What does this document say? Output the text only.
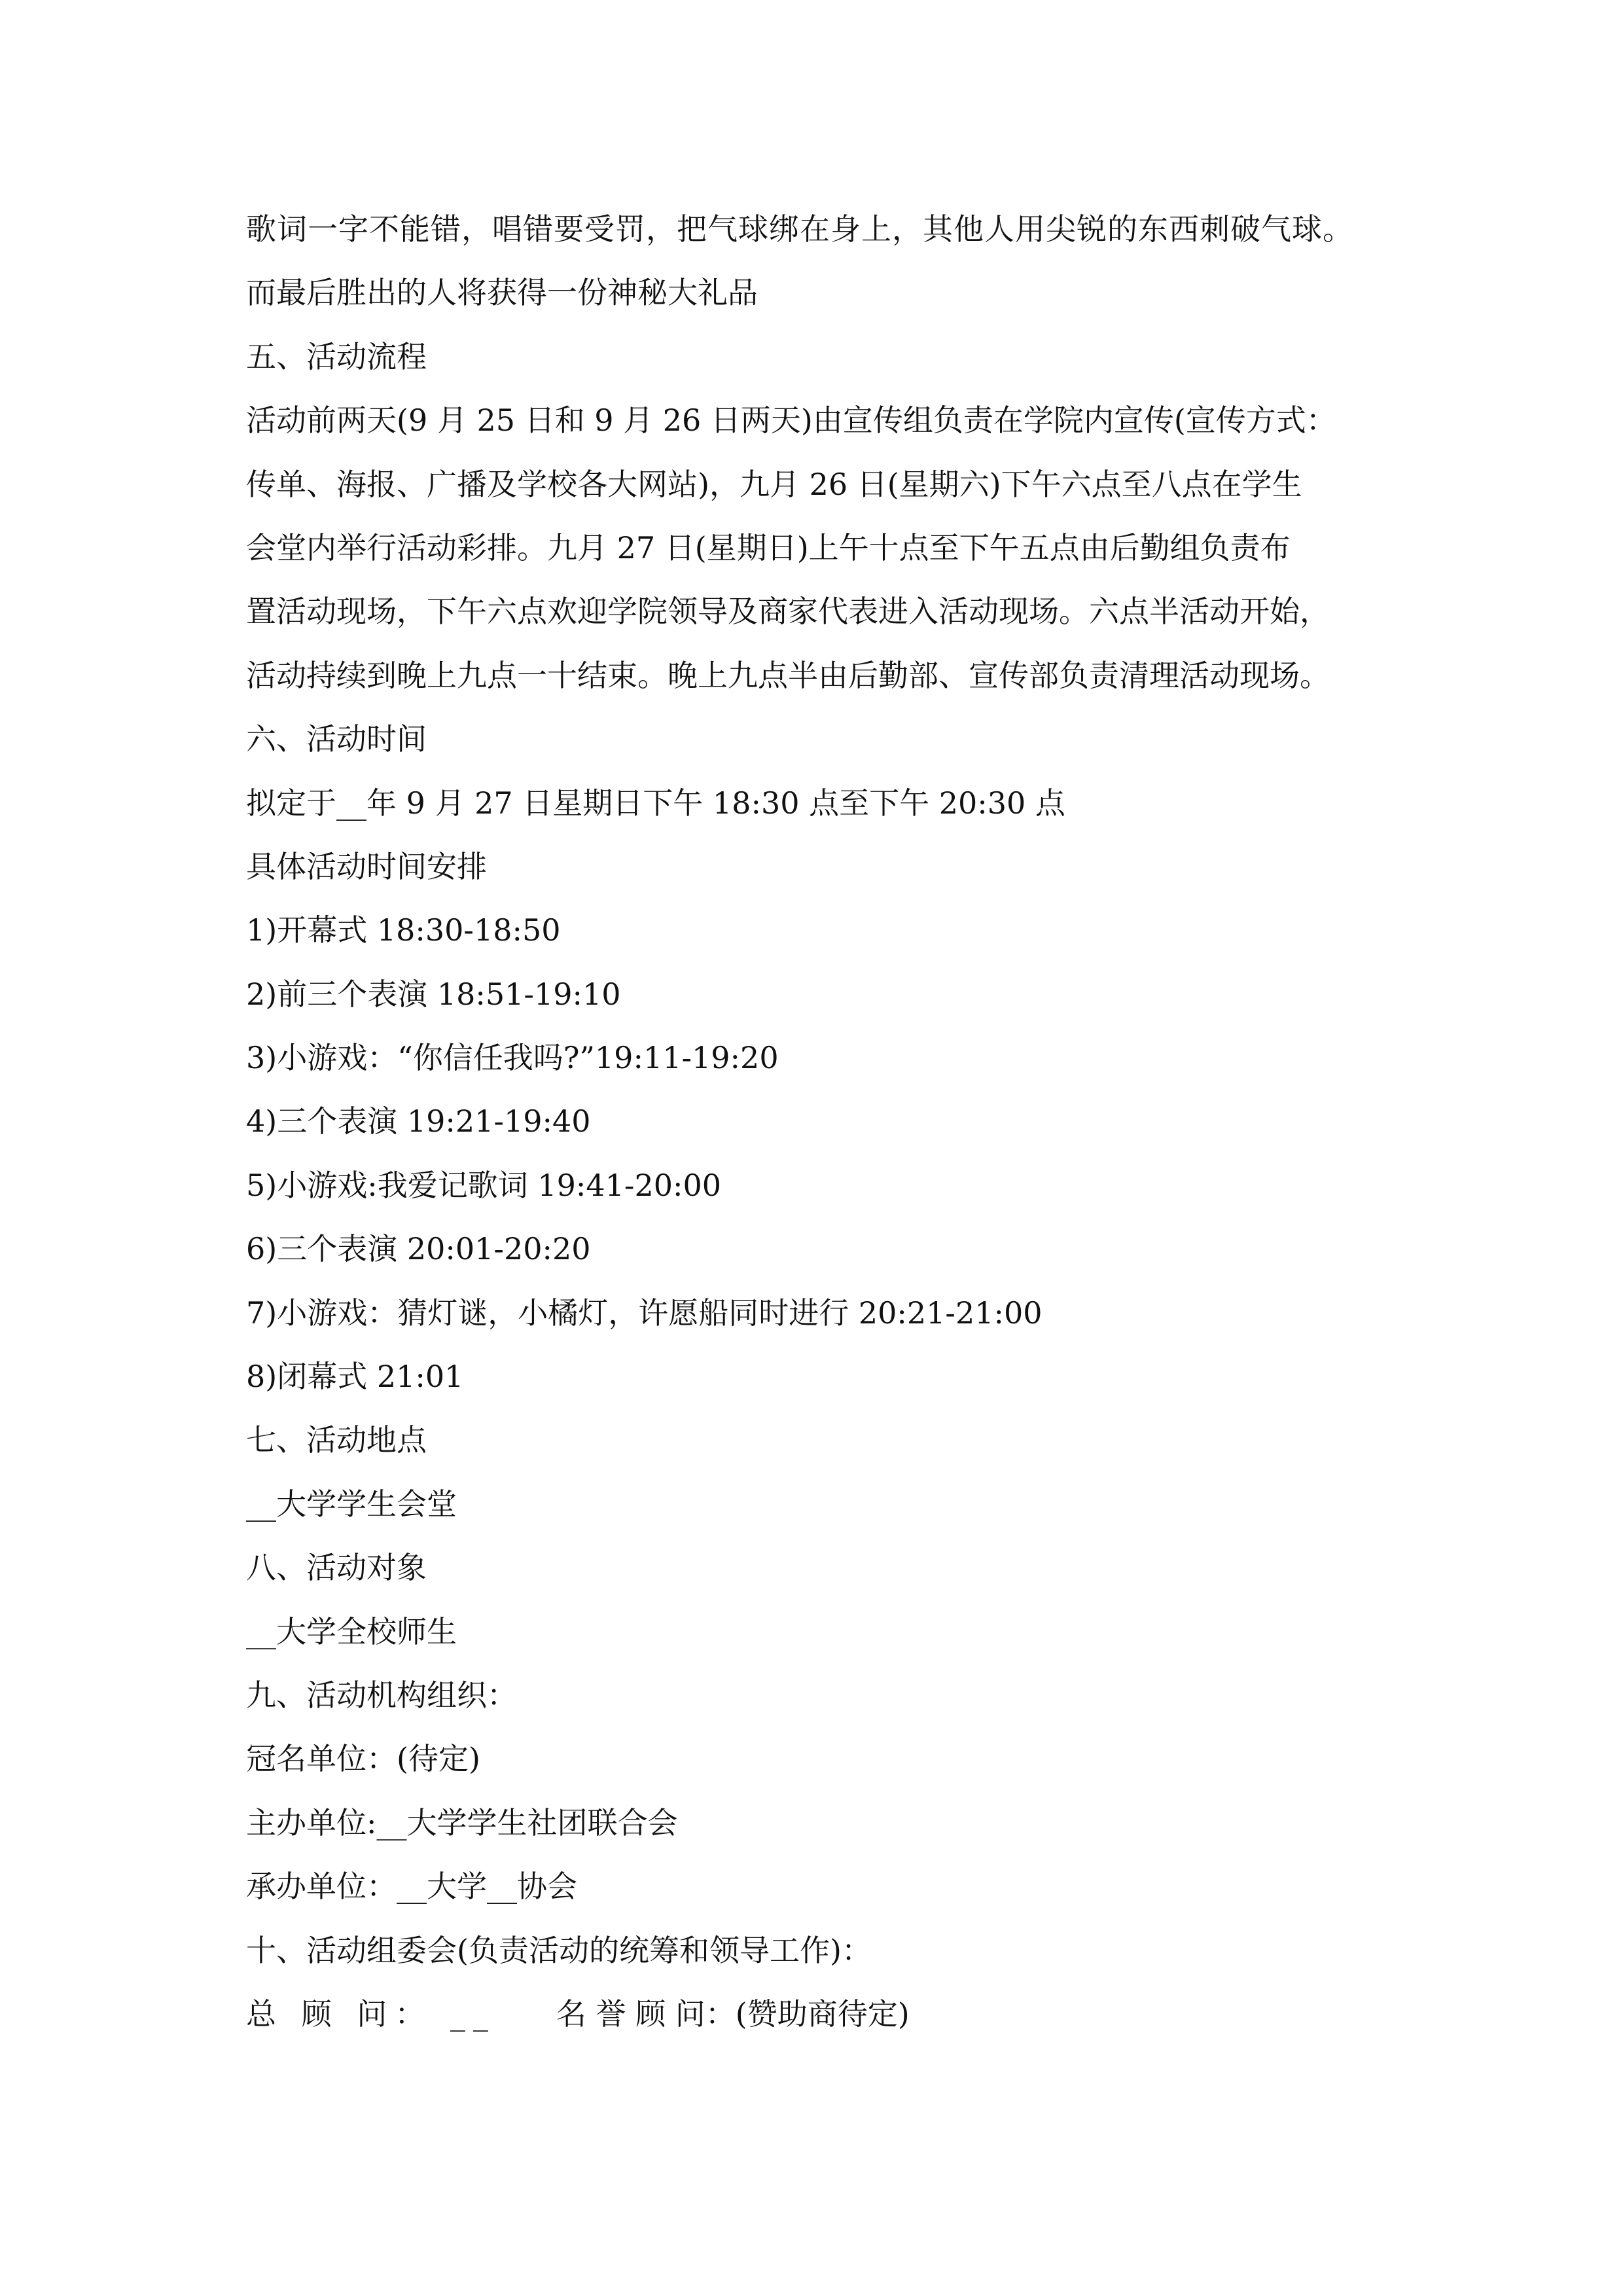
歌词一字不能错，唱错要受罚，把气球绑在身上，其他人用尖锐的东西刺破气球。
而最后胜出的人将获得一份神秘大礼品
五、活动流程
活动前两天(9 月 25 日和 9 月 26 日两天)由宣传组负责在学院内宣传(宣传方式：
传单、海报、广播及学校各大网站)，九月 26 日(星期六)下午六点至八点在学生
会堂内举行活动彩排。九月 27 日(星期日)上午十点至下午五点由后勤组负责布
置活动现场，下午六点欢迎学院领导及商家代表进入活动现场。六点半活动开始，
活动持续到晚上九点一十结束。晚上九点半由后勤部、宣传部负责清理活动现场。
六、活动时间
拟定于__年 9 月 27 日星期日下午 18:30 点至下午 20:30 点
具体活动时间安排
1)开幕式 18:30-18:50
2)前三个表演 18:51-19:10
3)小游戏：“你信任我吗?”19:11-19:20
4)三个表演 19:21-19:40
5)小游戏:我爱记歌词 19:41-20:00
6)三个表演 20:01-20:20
7)小游戏：猜灯谜，小橘灯，许愿船同时进行 20:21-21:00
8)闭幕式 21:01
七、活动地点
__大学学生会堂
八、活动对象
__大学全校师生
九、活动机构组织：
冠名单位：(待定)
主办单位:__大学学生社团联合会
承办单位：__大学__协会
十、活动组委会(负责活动的统筹和领导工作)：
总 顾 问： __ 名 誉 顾 问：(赞助商待定)
